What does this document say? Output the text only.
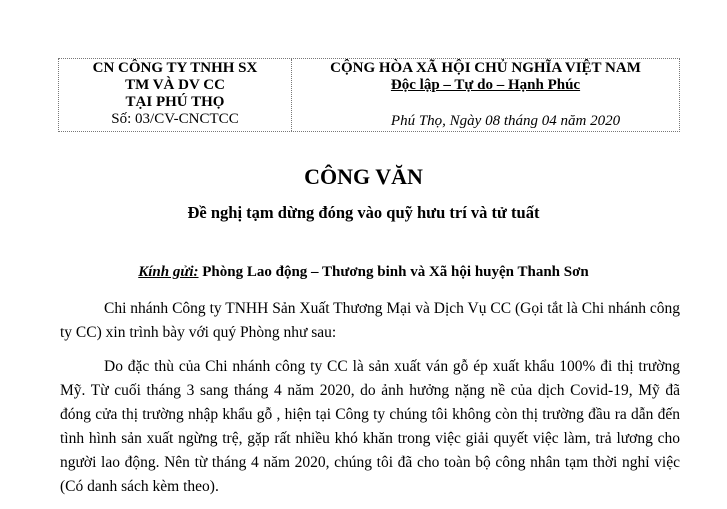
CN CÔNG TY TNHH SX
TM VÀ DV CC
TẠI PHÚ THỌ
Số: 03/CV-CNCTCC
CỘNG HÒA XÃ HỘI CHỦ NGHĨA VIỆT NAM
Độc lập – Tự do – Hạnh Phúc
Phú Thọ, Ngày 08 tháng 04 năm 2020
CÔNG VĂN
Đề nghị tạm dừng đóng vào quỹ hưu trí và tử tuất
Kính gửi: Phòng Lao động – Thương binh và Xã hội huyện Thanh Sơn

Chi nhánh Công ty TNHH Sản Xuất Thương Mại và Dịch Vụ CC (Gọi tắt là Chi nhánh công ty CC) xin trình bày với quý Phòng như sau:

Do đặc thù của Chi nhánh công ty CC là sản xuất ván gỗ ép xuất khẩu 100% đi thị trường Mỹ. Từ cuối tháng 3 sang tháng 4 năm 2020, do ảnh hưởng nặng nề của dịch Covid-19, Mỹ đã đóng cửa thị trường nhập khẩu gỗ , hiện tại Công ty chúng tôi không còn thị trường đầu ra dẫn đến tình hình sản xuất ngừng trệ, gặp rất nhiều khó khăn trong việc giải quyết việc làm, trả lương cho người lao động. Nên từ tháng 4 năm 2020, chúng tôi đã cho toàn bộ công nhân tạm thời nghỉ việc (Có danh sách kèm theo).
